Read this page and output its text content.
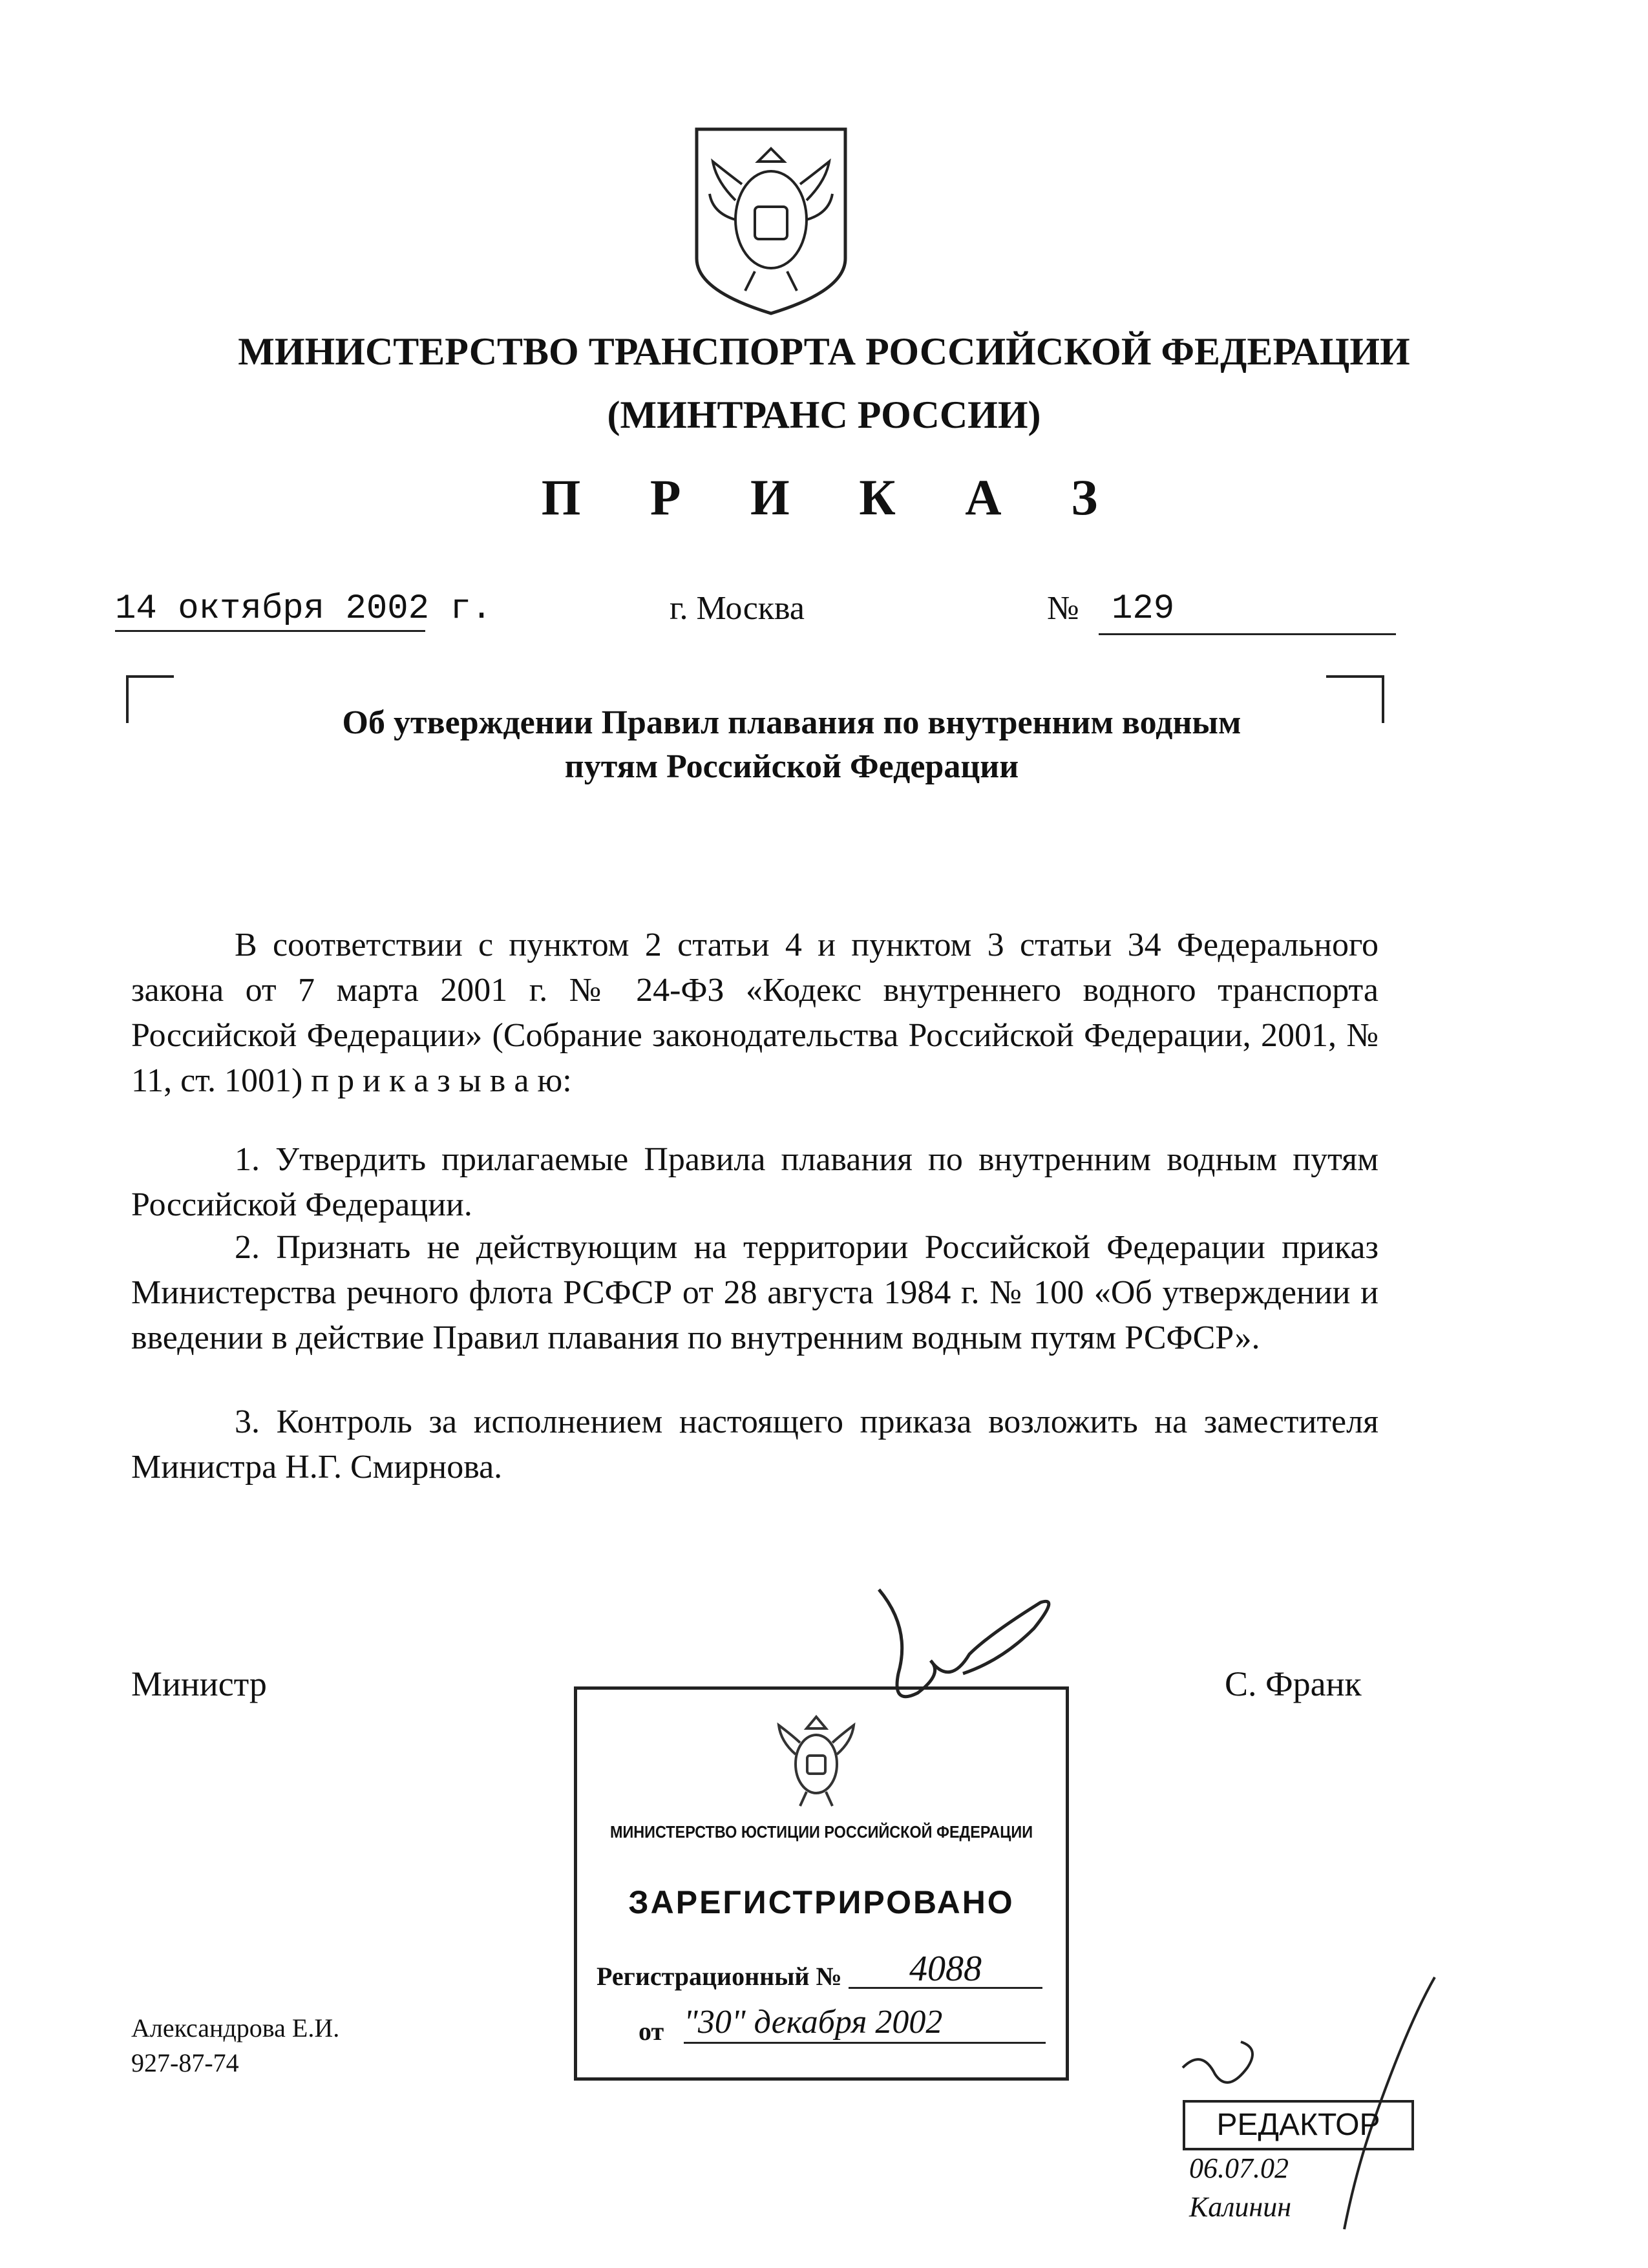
МИНИСТЕРСТВО ТРАНСПОРТА РОССИЙСКОЙ ФЕДЕРАЦИИ
(МИНТРАНС РОССИИ)
П Р И К А З
14 октября 2002 г.	г. Москва	№ 129
Об утверждении Правил плавания по внутренним водным
путям Российской Федерации
В соответствии с пунктом 2 статьи 4 и пунктом 3 статьи 34 Федерального закона от 7 марта 2001 г. № 24-ФЗ «Кодекс внутреннего водного транспорта Российской Федерации» (Собрание законодательства Российской Федерации, 2001, № 11, ст. 1001) п р и к а з ы в а ю:
1. Утвердить прилагаемые Правила плавания по внутренним водным путям Российской Федерации.
2. Признать не действующим на территории Российской Федерации приказ Министерства речного флота РСФСР от 28 августа 1984 г. № 100 «Об утверждении и введении в действие Правил плавания по внутренним водным путям РСФСР».
3. Контроль за исполнением настоящего приказа возложить на заместителя Министра Н.Г. Смирнова.
Министр	С. Франк
МИНИСТЕРСТВО ЮСТИЦИИ РОССИЙСКОЙ ФЕДЕРАЦИИ
ЗАРЕГИСТРИРОВАНО
Регистрационный №	4088
от "30" декабря 2002
Александрова Е.И.
927-87-74
РЕДАКТОР
06.07.02
Калинин
